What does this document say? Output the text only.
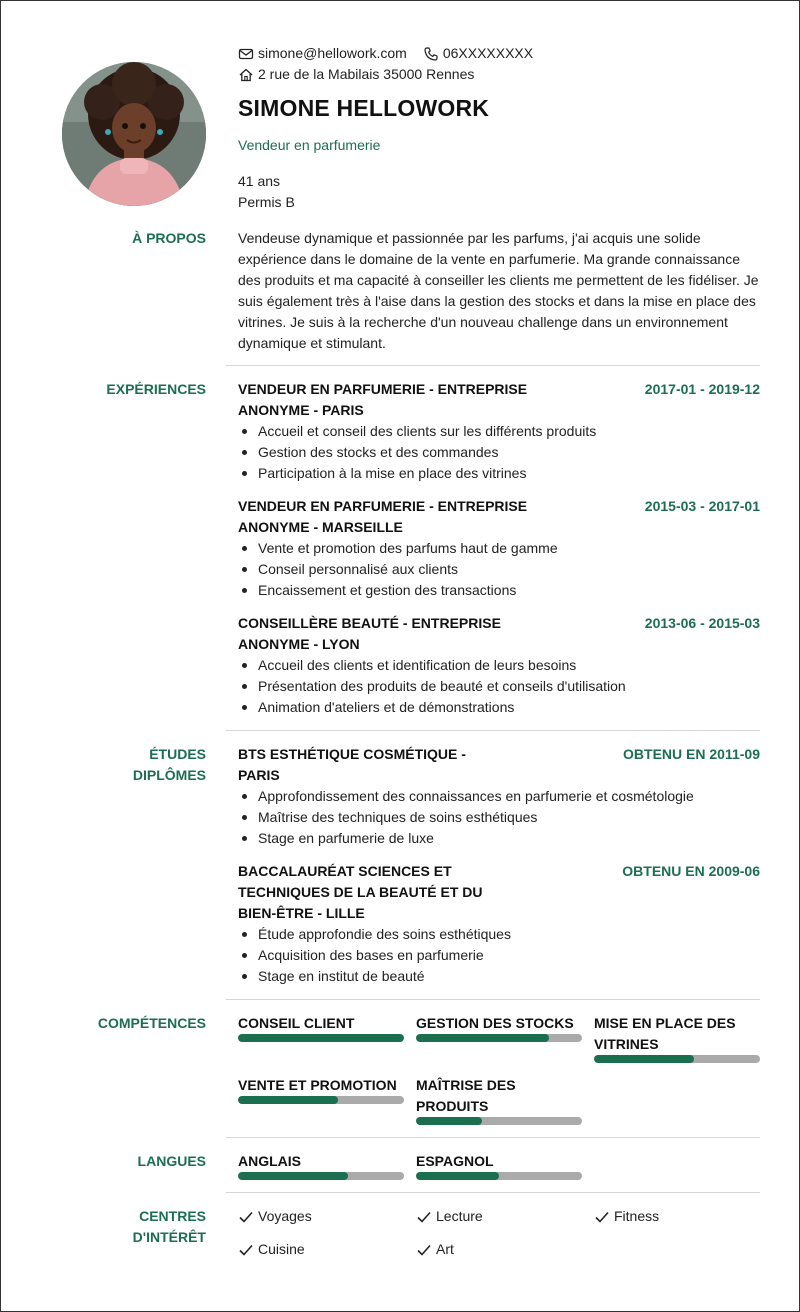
simone@hellowork.com	06XXXXXXXX
2 rue de la Mabilais 35000 Rennes
SIMONE HELLOWORK
Vendeur en parfumerie
41 ans
Permis B
À PROPOS Vendeuse dynamique et passionnée par les parfums, j'ai acquis une solide expérience dans le domaine de la vente en parfumerie. Ma grande connaissance des produits et ma capacité à conseiller les clients me permettent de les fidéliser. Je suis également très à l'aise dans la gestion des stocks et dans la mise en place des vitrines. Je suis à la recherche d'un nouveau challenge dans un environnement dynamique et stimulant.
EXPÉRIENCES VENDEUR EN PARFUMERIE - ENTREPRISE ANONYME - PARIS
2017-01 - 2019-12
Accueil et conseil des clients sur les différents produits
Gestion des stocks et des commandes
Participation à la mise en place des vitrines
VENDEUR EN PARFUMERIE - ENTREPRISE ANONYME - MARSEILLE
2015-03 - 2017-01
Vente et promotion des parfums haut de gamme
Conseil personnalisé aux clients
Encaissement et gestion des transactions
CONSEILLÈRE BEAUTÉ - ENTREPRISE ANONYME - LYON
2013-06 - 2015-03
Accueil des clients et identification de leurs besoins
Présentation des produits de beauté et conseils d'utilisation
Animation d'ateliers et de démonstrations
ÉTUDES
DIPLÔMES
BTS ESTHÉTIQUE COSMÉTIQUE - PARIS
OBTENU EN 2011-09
Approfondissement des connaissances en parfumerie et cosmétologie
Maîtrise des techniques de soins esthétiques
Stage en parfumerie de luxe
BACCALAURÉAT SCIENCES ET TECHNIQUES DE LA BEAUTÉ ET DU BIEN-ÊTRE - LILLE
OBTENU EN 2009-06
Étude approfondie des soins esthétiques
Acquisition des bases en parfumerie
Stage en institut de beauté
COMPÉTENCES CONSEIL CLIENT	GESTION DES STOCKS	MISE EN PLACE DES VITRINES
VENTE ET PROMOTION	MAÎTRISE DES PRODUITS
LANGUES ANGLAIS	ESPAGNOL
CENTRES
D'INTÉRÊT
Voyages	Lecture	Fitness
Cuisine	Art
